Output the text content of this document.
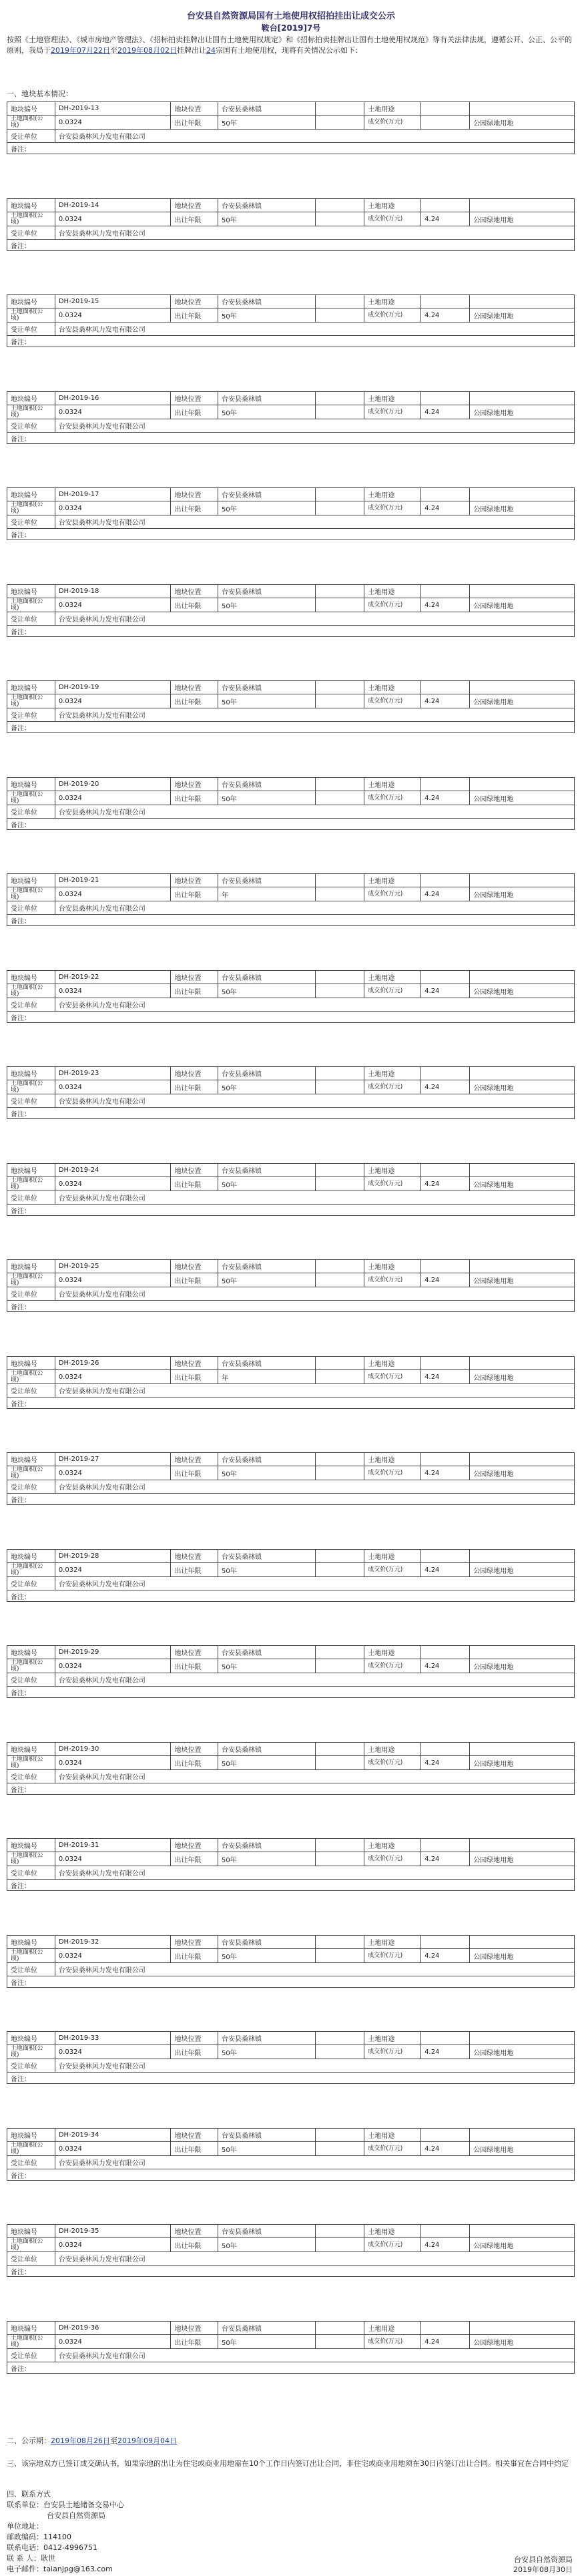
台安县自然资源局国有土地使用权招拍挂出让成交公示
鞍台[2019]7号
按照《土地管理法》、《城市房地产管理法》、《招标拍卖挂牌出让国有土地使用权规定》和《招标拍卖挂牌出让国有土地使用权规范》等有关法律法规，遵循公开、公正、公平的原则，我局于2019年07月22日至2019年08月02日挂牌出让24宗国有土地使用权，现将有关情况公示如下：
一、地块基本情况：
地块编号	DH-2019-13	地块位置	台安县桑林镇		土地用途		
土地面积(公顷)	0.0324	出让年限	50年		成交价(万元)		公园绿地用地
受让单位	台安县桑林风力发电有限公司						
备注：							
地块编号	DH-2019-14	地块位置	台安县桑林镇		土地用途		
土地面积(公顷)	0.0324	出让年限	50年		成交价(万元)	4.24	公园绿地用地
受让单位	台安县桑林风力发电有限公司						
备注：							
地块编号	DH-2019-15	地块位置	台安县桑林镇		土地用途		
土地面积(公顷)	0.0324	出让年限	50年		成交价(万元)	4.24	公园绿地用地
受让单位	台安县桑林风力发电有限公司						
备注：							
地块编号	DH-2019-16	地块位置	台安县桑林镇		土地用途		
土地面积(公顷)	0.0324	出让年限	50年		成交价(万元)	4.24	公园绿地用地
受让单位	台安县桑林风力发电有限公司						
备注：							
地块编号	DH-2019-17	地块位置	台安县桑林镇		土地用途		
土地面积(公顷)	0.0324	出让年限	50年		成交价(万元)	4.24	公园绿地用地
受让单位	台安县桑林风力发电有限公司						
备注：							
地块编号	DH-2019-18	地块位置	台安县桑林镇		土地用途		
土地面积(公顷)	0.0324	出让年限	50年		成交价(万元)	4.24	公园绿地用地
受让单位	台安县桑林风力发电有限公司						
备注：							
地块编号	DH-2019-19	地块位置	台安县桑林镇		土地用途		
土地面积(公顷)	0.0324	出让年限	50年		成交价(万元)	4.24	公园绿地用地
受让单位	台安县桑林风力发电有限公司						
备注：							
地块编号	DH-2019-20	地块位置	台安县桑林镇		土地用途		
土地面积(公顷)	0.0324	出让年限	50年		成交价(万元)	4.24	公园绿地用地
受让单位	台安县桑林风力发电有限公司						
备注：							
地块编号	DH-2019-21	地块位置	台安县桑林镇		土地用途		
土地面积(公顷)	0.0324	出让年限	年		成交价(万元)	4.24	公园绿地用地
受让单位	台安县桑林风力发电有限公司						
备注：							
地块编号	DH-2019-22	地块位置	台安县桑林镇		土地用途		
土地面积(公顷)	0.0324	出让年限	50年		成交价(万元)	4.24	公园绿地用地
受让单位	台安县桑林风力发电有限公司						
备注：							
地块编号	DH-2019-23	地块位置	台安县桑林镇		土地用途		
土地面积(公顷)	0.0324	出让年限	50年		成交价(万元)	4.24	公园绿地用地
受让单位	台安县桑林风力发电有限公司						
备注：							
地块编号	DH-2019-24	地块位置	台安县桑林镇		土地用途		
土地面积(公顷)	0.0324	出让年限	50年		成交价(万元)	4.24	公园绿地用地
受让单位	台安县桑林风力发电有限公司						
备注：							
地块编号	DH-2019-25	地块位置	台安县桑林镇		土地用途		
土地面积(公顷)	0.0324	出让年限	50年		成交价(万元)	4.24	公园绿地用地
受让单位	台安县桑林风力发电有限公司						
备注：							
地块编号	DH-2019-26	地块位置	台安县桑林镇		土地用途		
土地面积(公顷)	0.0324	出让年限	年		成交价(万元)	4.24	公园绿地用地
受让单位	台安县桑林风力发电有限公司						
备注：							
地块编号	DH-2019-27	地块位置	台安县桑林镇		土地用途		
土地面积(公顷)	0.0324	出让年限	50年		成交价(万元)	4.24	公园绿地用地
受让单位	台安县桑林风力发电有限公司						
备注：							
地块编号	DH-2019-28	地块位置	台安县桑林镇		土地用途		
土地面积(公顷)	0.0324	出让年限	50年		成交价(万元)	4.24	公园绿地用地
受让单位	台安县桑林风力发电有限公司						
备注：							
地块编号	DH-2019-29	地块位置	台安县桑林镇		土地用途		
土地面积(公顷)	0.0324	出让年限	50年		成交价(万元)	4.24	公园绿地用地
受让单位	台安县桑林风力发电有限公司						
备注：							
地块编号	DH-2019-30	地块位置	台安县桑林镇		土地用途		
土地面积(公顷)	0.0324	出让年限	50年		成交价(万元)	4.24	公园绿地用地
受让单位	台安县桑林风力发电有限公司						
备注：							
地块编号	DH-2019-31	地块位置	台安县桑林镇		土地用途		
土地面积(公顷)	0.0324	出让年限	50年		成交价(万元)	4.24	公园绿地用地
受让单位	台安县桑林风力发电有限公司						
备注：							
地块编号	DH-2019-32	地块位置	台安县桑林镇		土地用途		
土地面积(公顷)	0.0324	出让年限	50年		成交价(万元)	4.24	公园绿地用地
受让单位	台安县桑林风力发电有限公司						
备注：							
地块编号	DH-2019-33	地块位置	台安县桑林镇		土地用途		
土地面积(公顷)	0.0324	出让年限	50年		成交价(万元)	4.24	公园绿地用地
受让单位	台安县桑林风力发电有限公司						
备注：							
地块编号	DH-2019-34	地块位置	台安县桑林镇		土地用途		
土地面积(公顷)	0.0324	出让年限	50年		成交价(万元)	4.24	公园绿地用地
受让单位	台安县桑林风力发电有限公司						
备注：							
地块编号	DH-2019-35	地块位置	台安县桑林镇		土地用途		
土地面积(公顷)	0.0324	出让年限	50年		成交价(万元)	4.24	公园绿地用地
受让单位	台安县桑林风力发电有限公司						
备注：							
地块编号	DH-2019-36	地块位置	台安县桑林镇		土地用途		
土地面积(公顷)	0.0324	出让年限	50年		成交价(万元)	4.24	公园绿地用地
受让单位	台安县桑林风力发电有限公司						
备注：							
二、公示期：2019年08月26日至2019年09月04日
三、该宗地双方已签订成交确认书，如果宗地的出让为住宅或商业用地需在10个工作日内签订出让合同，非住宅或商业用地须在30日内签订出让合同。相关事宜在合同中约定
四、联系方式
联系单位：台安县土地储备交易中心
台安县自然资源局
单位地址：
邮政编码：114100
联系电话：0412-4996751
联 系 人：耿世
电子邮件：taianjpg@163.com
台安县自然资源局
2019年08月30日
